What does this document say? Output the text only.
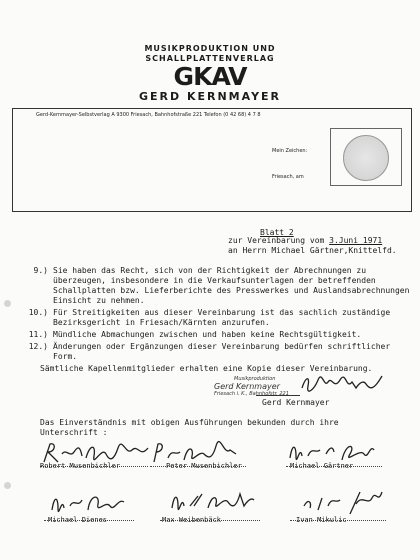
MUSIKPRODUKTION UND
SCHALLPLATTENVERLAG
GKAV
GERD KERNMAYER
Gerd-Kernmayer-Selbstverlag A 9300 Friesach, Bahnhofstraße 221 Telefon (0 42 68) 4 7 8
Mein Zeichen:
Friesach, am
Blatt 2
zur Vereinbarung vom 3.Juni 1971
an Herrn Michael Gärtner,Knittelfd.
9.) Sie haben das Recht, sich von der Richtigkeit der Abrechnungen zu überzeugen, insbesondere in die Verkaufsunterlagen der betreffenden Schallplatten bzw. Lieferberichte des Presswerkes und Auslandsabrechnungen Einsicht zu nehmen.
10.) Für Streitigkeiten aus dieser Vereinbarung ist das sachlich zuständige Bezirksgericht in Friesach/Kärnten anzurufen.
11.) Mündliche Abmachungen zwischen und haben keine Rechtsgültigkeit.
12.) Änderungen oder Ergänzungen dieser Vereinbarung bedürfen schriftlicher Form.
Sämtliche Kapellenmitglieder erhalten eine Kopie dieser Vereinbarung.
Musikproduktion
Gerd Kernmayer
Friesach i. K., Bahnhofstr. 221
Gerd Kernmayer
Das Einverständnis mit obigen Ausführungen bekunden durch ihre Unterschrift :
Robert Musenbichler	Peter Musenbichler	Michael Gärtner
Michael Dienes	Max Weibenbäck	Ivan Mikulic
